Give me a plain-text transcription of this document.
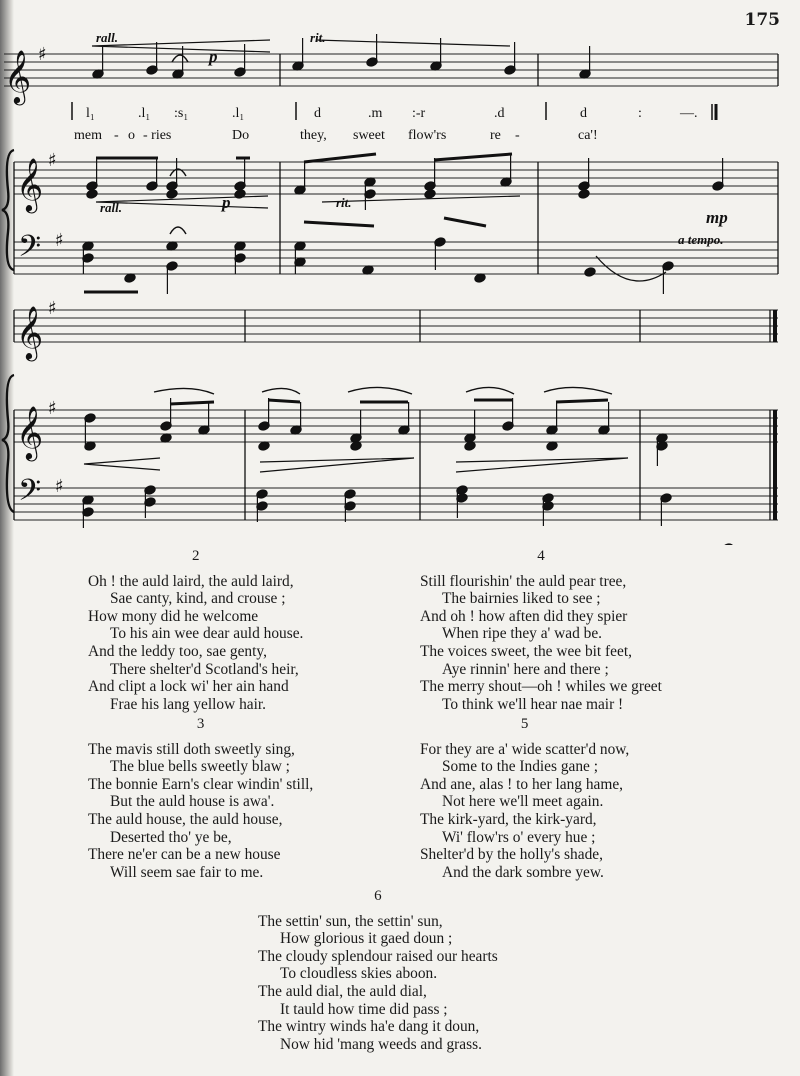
175
𝄞
𝄞
𝄢
𝄞
𝄞
𝄢
♯
♯
♯
♯
♯
♯
rall.	rit.
p
rall.	rit.
p
mp
a tempo.
l₁	.l₁ :s₁	.l₁	d	.m :-r	.d	d	:	—.
mem - o - ries	Do	they, sweet flow'rs	re -	ca'!
2
Oh ! the auld laird, the auld laird,
Sae canty, kind, and crouse ;
How mony did he welcome
To his ain wee dear auld house.
And the leddy too, sae genty,
There shelter'd Scotland's heir,
And clipt a lock wi' her ain hand
Frae his lang yellow hair.
3
The mavis still doth sweetly sing,
The blue bells sweetly blaw ;
The bonnie Earn's clear windin' still,
But the auld house is awa'.
The auld house, the auld house,
Deserted tho' ye be,
There ne'er can be a new house
Will seem sae fair to me.
4
Still flourishin' the auld pear tree,
The bairnies liked to see ;
And oh ! how aften did they spier
When ripe they a' wad be.
The voices sweet, the wee bit feet,
Aye rinnin' here and there ;
The merry shout—oh ! whiles we greet
To think we'll hear nae mair !
5
For they are a' wide scatter'd now,
Some to the Indies gane ;
And ane, alas ! to her lang hame,
Not here we'll meet again.
The kirk-yard, the kirk-yard,
Wi' flow'rs o' every hue ;
Shelter'd by the holly's shade,
And the dark sombre yew.
6
The settin' sun, the settin' sun,
How glorious it gaed doun ;
The cloudy splendour raised our hearts
To cloudless skies aboon.
The auld dial, the auld dial,
It tauld how time did pass ;
The wintry winds ha'e dang it doun,
Now hid 'mang weeds and grass.
